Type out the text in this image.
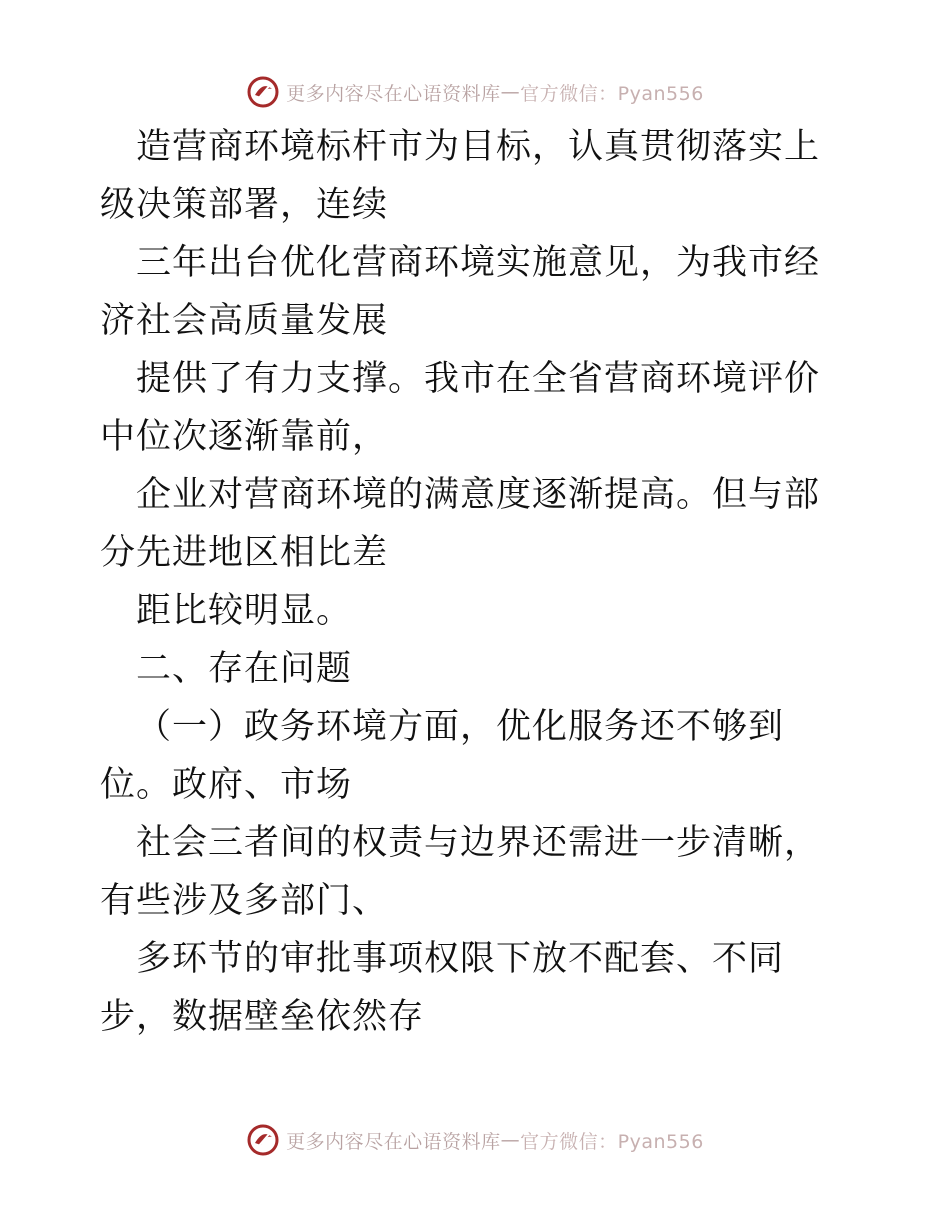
更多内容尽在心语资料库 — 官方微信：Pyan556

造营商环境标杆市为目标，认真贯彻落实上级决策部署，连续

三年出台优化营商环境实施意见，为我市经济社会高质量发展

提供了有力支撑。我市在全省营商环境评价中位次逐渐靠前，

企业对营商环境的满意度逐渐提高。但与部分先进地区相比差

距比较明显。

二、存在问题

（一）政务环境方面，优化服务还不够到位。政府、市场

社会三者间的权责与边界还需进一步清晰，有些涉及多部门、

多环节的审批事项权限下放不配套、不同步，数据壁垒依然存

更多内容尽在心语资料库 — 官方微信：Pyan556
